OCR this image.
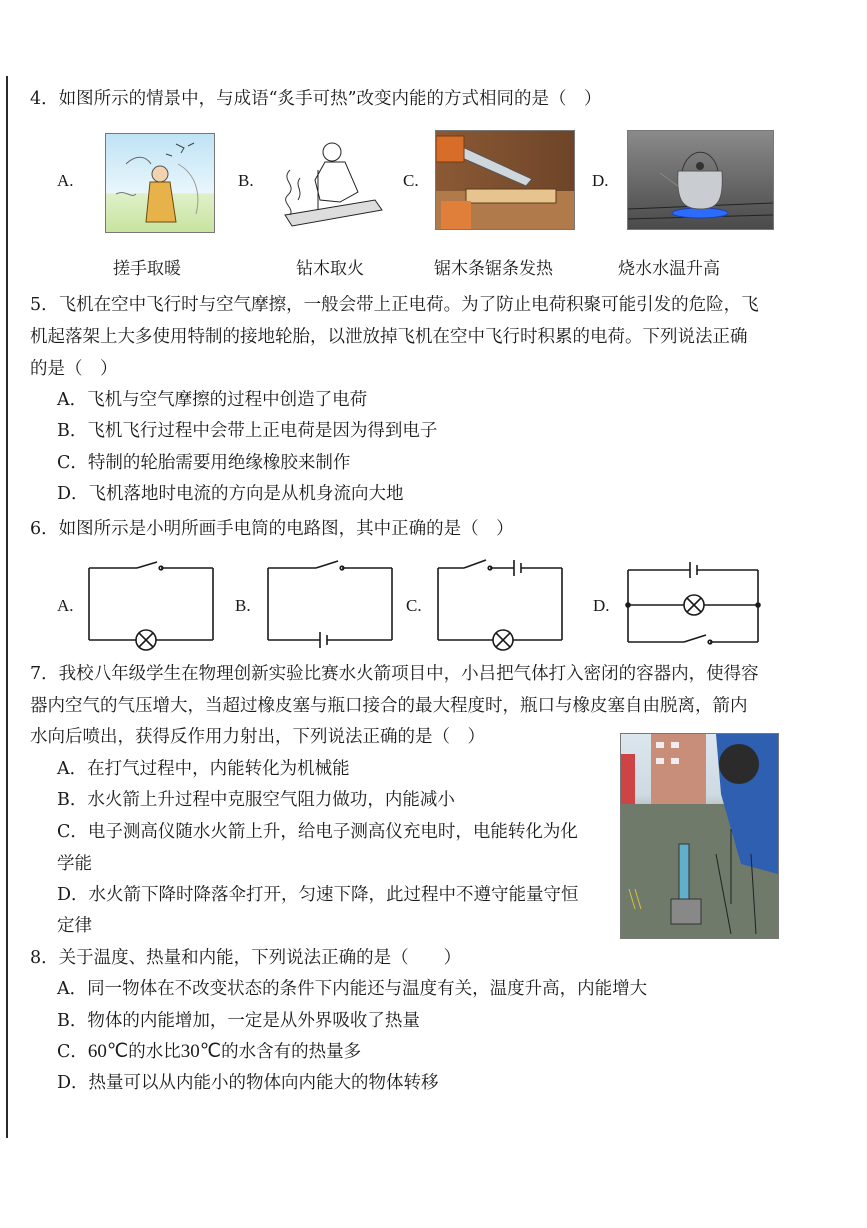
4．如图所示的情景中，与成语“炙手可热”改变内能的方式相同的是（　）
A.
搓手取暖
B.
钻木取火
C.
锯木条锯条发热
D.
烧水水温升高
5．飞机在空中飞行时与空气摩擦，一般会带上正电荷。为了防止电荷积聚可能引发的危险，飞
机起落架上大多使用特制的接地轮胎，以泄放掉飞机在空中飞行时积累的电荷。下列说法正确
的是（　）
A．飞机与空气摩擦的过程中创造了电荷
B．飞机飞行过程中会带上正电荷是因为得到电子
C．特制的轮胎需要用绝缘橡胶来制作
D．飞机落地时电流的方向是从机身流向大地
6．如图所示是小明所画手电筒的电路图，其中正确的是（　）
A.	B.	C.	D.
7．我校八年级学生在物理创新实验比赛水火箭项目中，小吕把气体打入密闭的容器内，使得容
器内空气的气压增大，当超过橡皮塞与瓶口接合的最大程度时，瓶口与橡皮塞自由脱离，箭内
水向后喷出，获得反作用力射出，下列说法正确的是（　）
A．在打气过程中，内能转化为机械能
B．水火箭上升过程中克服空气阻力做功，内能减小
C．电子测高仪随水火箭上升，给电子测高仪充电时，电能转化为化
学能
D．水火箭下降时降落伞打开，匀速下降，此过程中不遵守能量守恒
定律
8．关于温度、热量和内能，下列说法正确的是（　　）
A．同一物体在不改变状态的条件下内能还与温度有关，温度升高，内能增大
B．物体的内能增加，一定是从外界吸收了热量
C．60℃的水比30℃的水含有的热量多
D．热量可以从内能小的物体向内能大的物体转移
